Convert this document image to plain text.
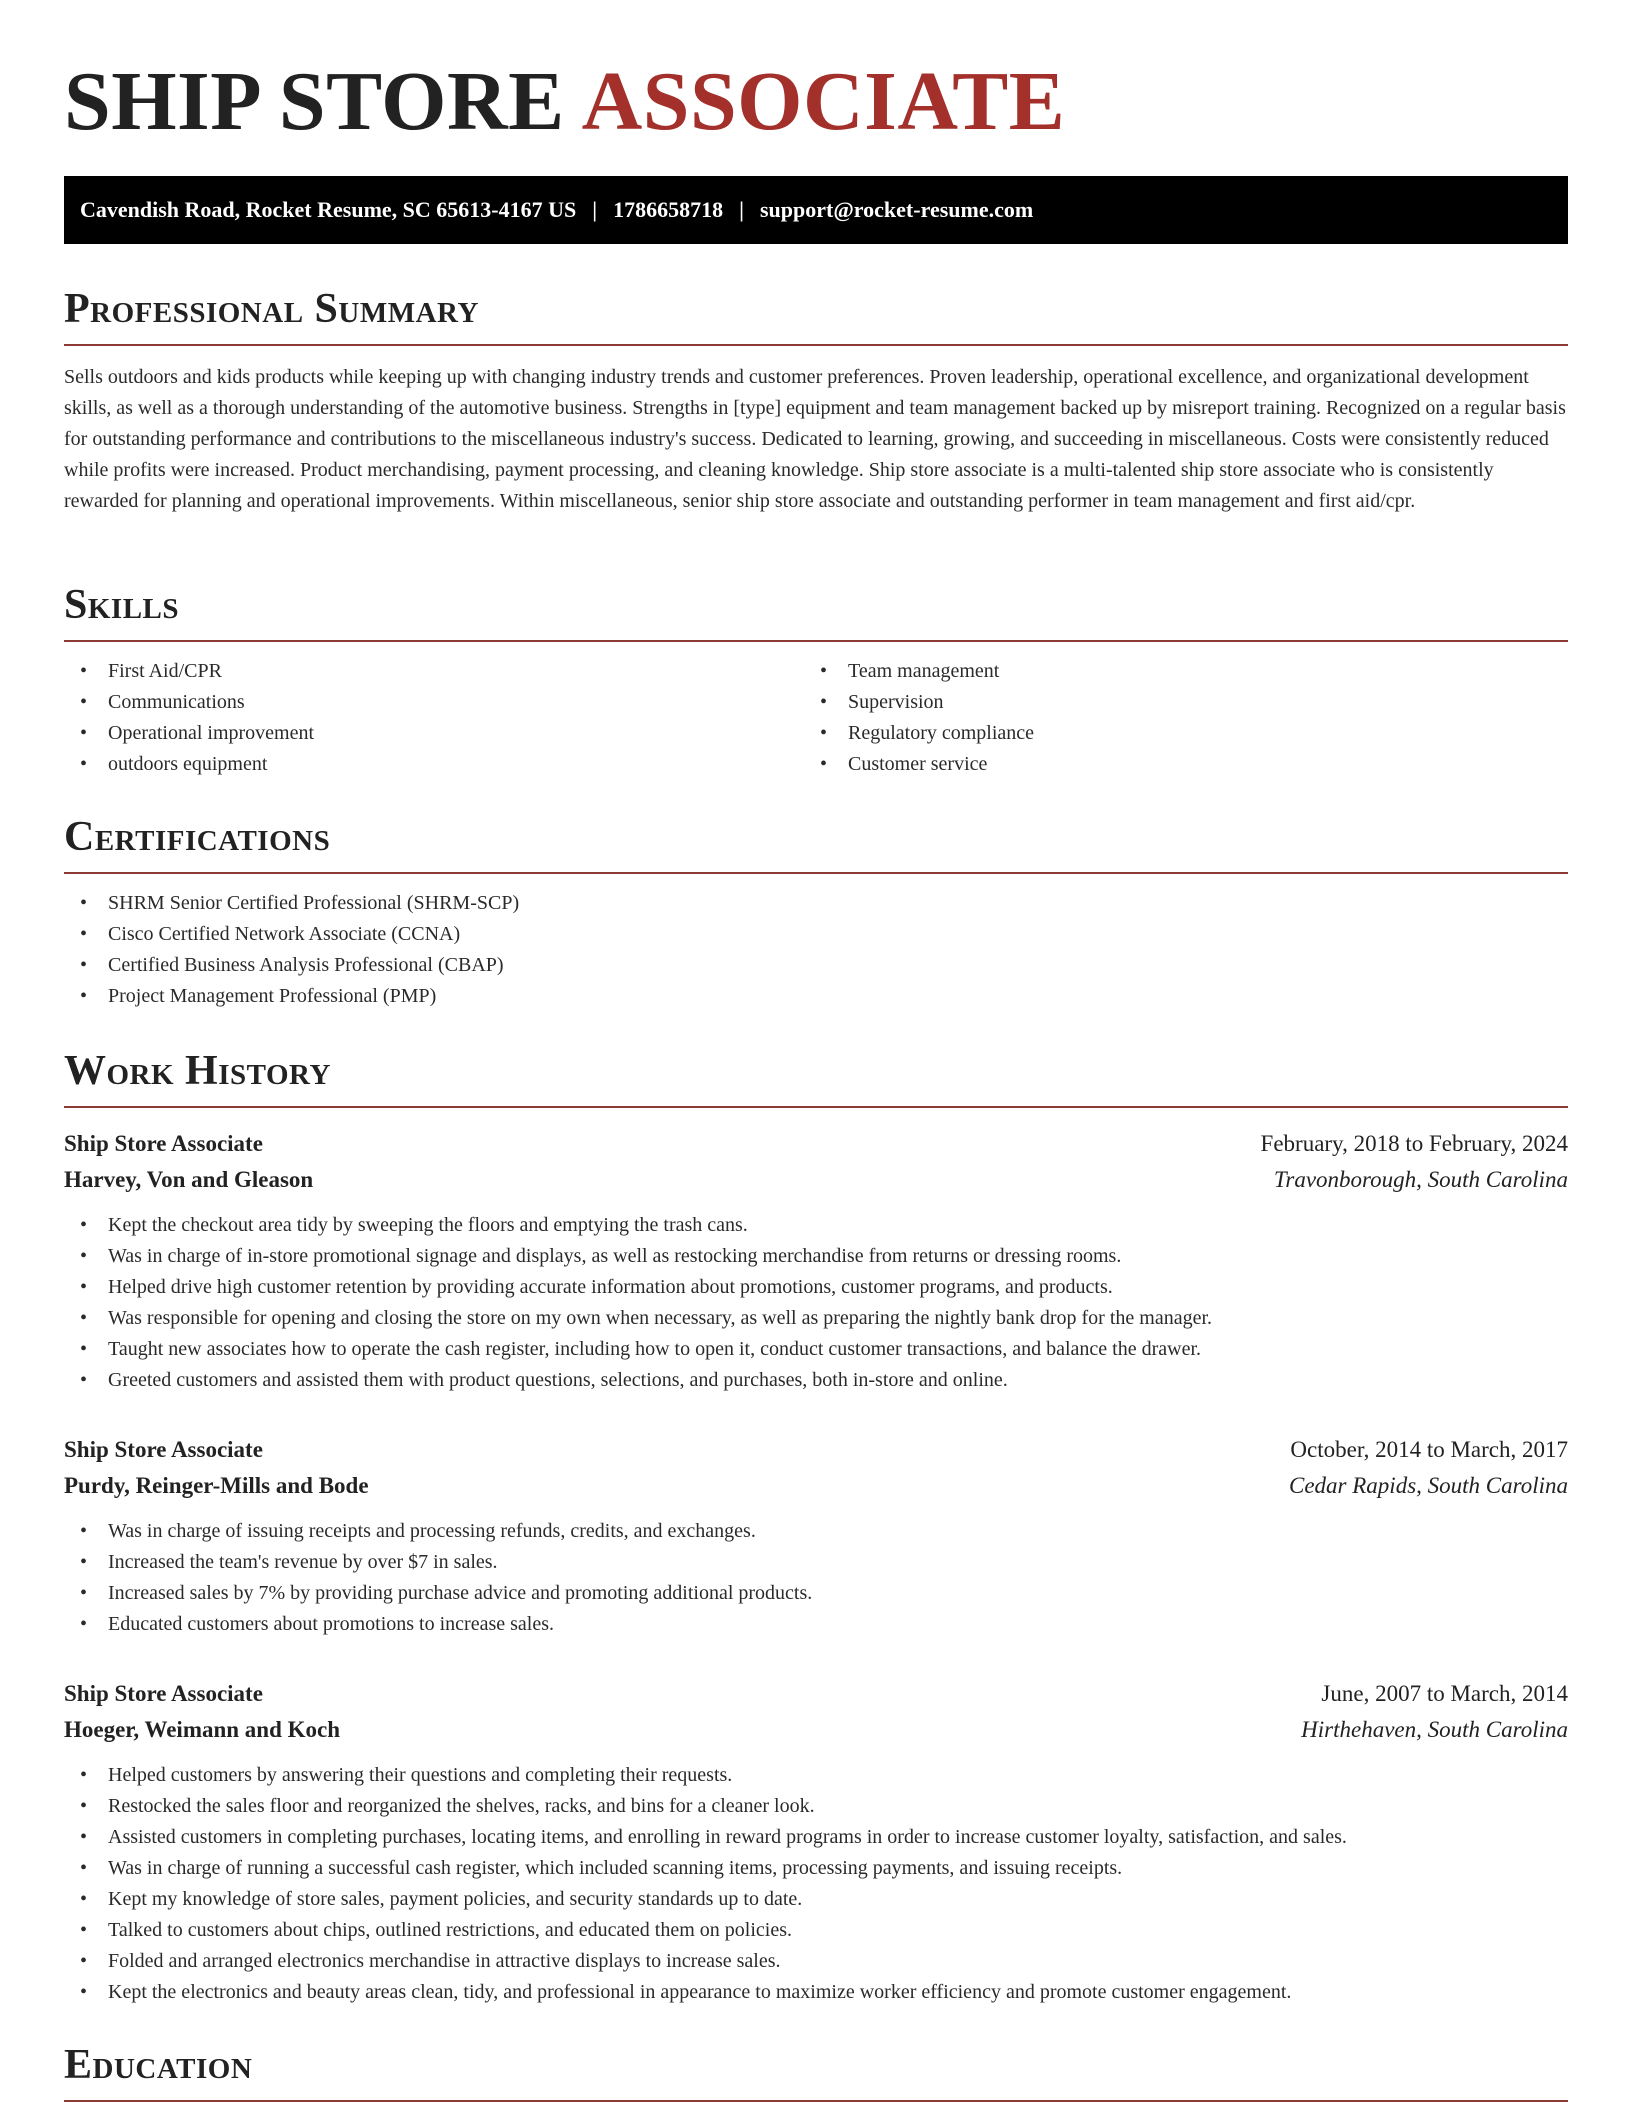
SHIP STORE ASSOCIATE
Cavendish Road, Rocket Resume, SC 65613-4167 US | 1786658718 | support@rocket-resume.com
Professional Summary

Sells outdoors and kids products while keeping up with changing industry trends and customer preferences. Proven leadership, operational excellence, and organizational development skills, as well as a thorough understanding of the automotive business. Strengths in [type] equipment and team management backed up by misreport training. Recognized on a regular basis for outstanding performance and contributions to the miscellaneous industry's success. Dedicated to learning, growing, and succeeding in miscellaneous. Costs were consistently reduced while profits were increased. Product merchandising, payment processing, and cleaning knowledge. Ship store associate is a multi-talented ship store associate who is consistently rewarded for planning and operational improvements. Within miscellaneous, senior ship store associate and outstanding performer in team management and first aid/cpr.

Skills
• First Aid/CPR
• Communications
• Operational improvement
• outdoors equipment
• Team management
• Supervision
• Regulatory compliance
• Customer service
Certifications
• SHRM Senior Certified Professional (SHRM-SCP)
• Cisco Certified Network Associate (CCNA)
• Certified Business Analysis Professional (CBAP)
• Project Management Professional (PMP)
Work History
Ship Store Associate	February, 2018 to February, 2024
Harvey, Von and Gleason	Travonborough, South Carolina
• Kept the checkout area tidy by sweeping the floors and emptying the trash cans.
• Was in charge of in-store promotional signage and displays, as well as restocking merchandise from returns or dressing rooms.
• Helped drive high customer retention by providing accurate information about promotions, customer programs, and products.
• Was responsible for opening and closing the store on my own when necessary, as well as preparing the nightly bank drop for the manager.
• Taught new associates how to operate the cash register, including how to open it, conduct customer transactions, and balance the drawer.
• Greeted customers and assisted them with product questions, selections, and purchases, both in-store and online.
Ship Store Associate	October, 2014 to March, 2017
Purdy, Reinger-Mills and Bode	Cedar Rapids, South Carolina
• Was in charge of issuing receipts and processing refunds, credits, and exchanges.
• Increased the team's revenue by over $7 in sales.
• Increased sales by 7% by providing purchase advice and promoting additional products.
• Educated customers about promotions to increase sales.
Ship Store Associate	June, 2007 to March, 2014
Hoeger, Weimann and Koch	Hirthehaven, South Carolina
• Helped customers by answering their questions and completing their requests.
• Restocked the sales floor and reorganized the shelves, racks, and bins for a cleaner look.
• Assisted customers in completing purchases, locating items, and enrolling in reward programs in order to increase customer loyalty, satisfaction, and sales.
• Was in charge of running a successful cash register, which included scanning items, processing payments, and issuing receipts.
• Kept my knowledge of store sales, payment policies, and security standards up to date.
• Talked to customers about chips, outlined restrictions, and educated them on policies.
• Folded and arranged electronics merchandise in attractive displays to increase sales.
• Kept the electronics and beauty areas clean, tidy, and professional in appearance to maximize worker efficiency and promote customer engagement.
Education
